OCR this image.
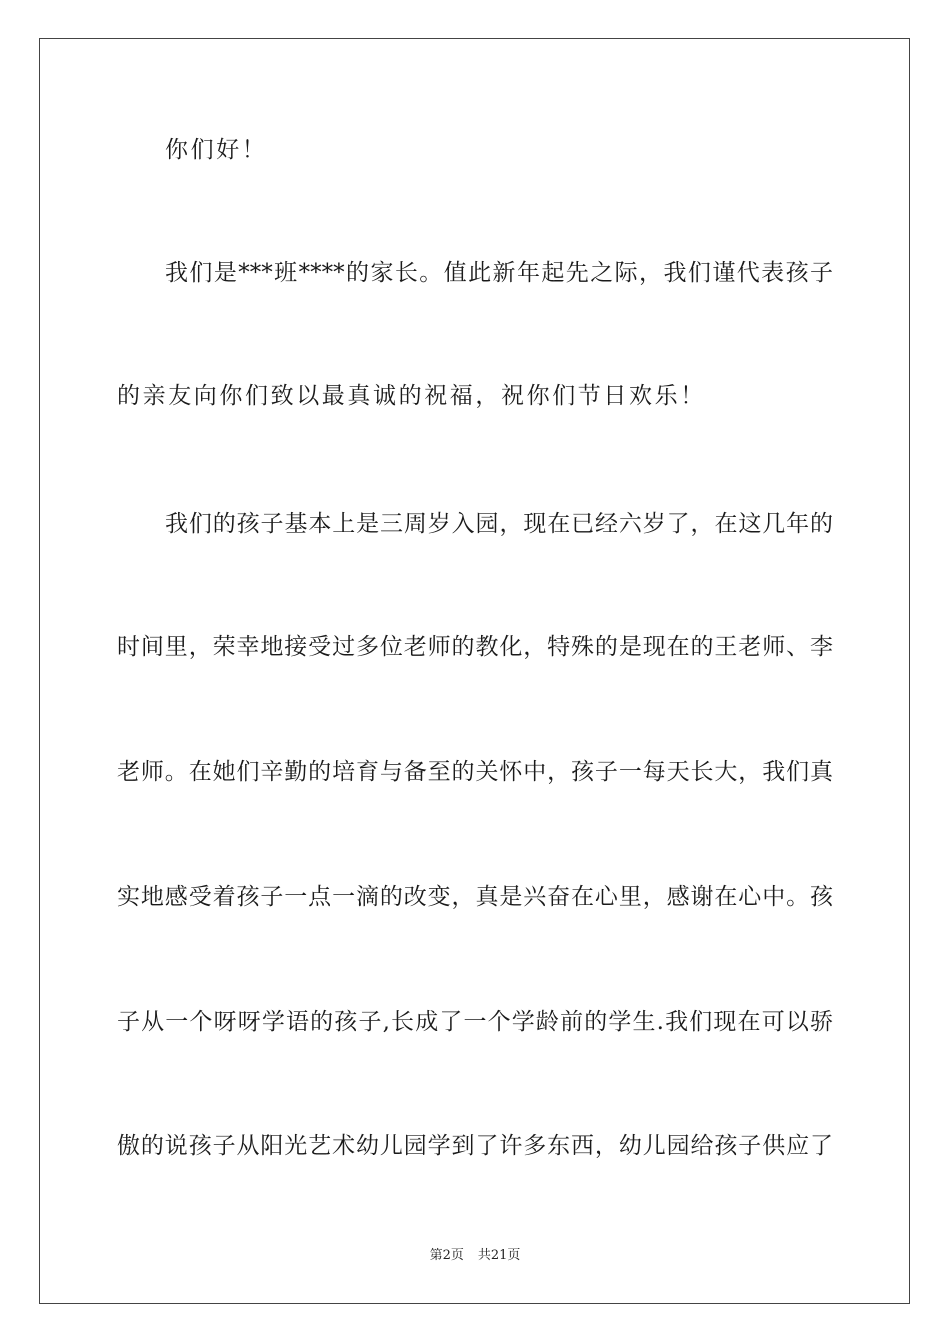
你们好！

我们是***班****的家长。值此新年起先之际，我们谨代表孩子

的亲友向你们致以最真诚的祝福，祝你们节日欢乐！

我们的孩子基本上是三周岁入园，现在已经六岁了，在这几年的

时间里，荣幸地接受过多位老师的教化，特殊的是现在的王老师、李

老师。在她们辛勤的培育与备至的关怀中，孩子一每天长大，我们真

实地感受着孩子一点一滴的改变，真是兴奋在心里，感谢在心中。孩

子从一个呀呀学语的孩子,长成了一个学龄前的学生.我们现在可以骄

傲的说孩子从阳光艺术幼儿园学到了许多东西，幼儿园给孩子供应了

第2页 共21页
